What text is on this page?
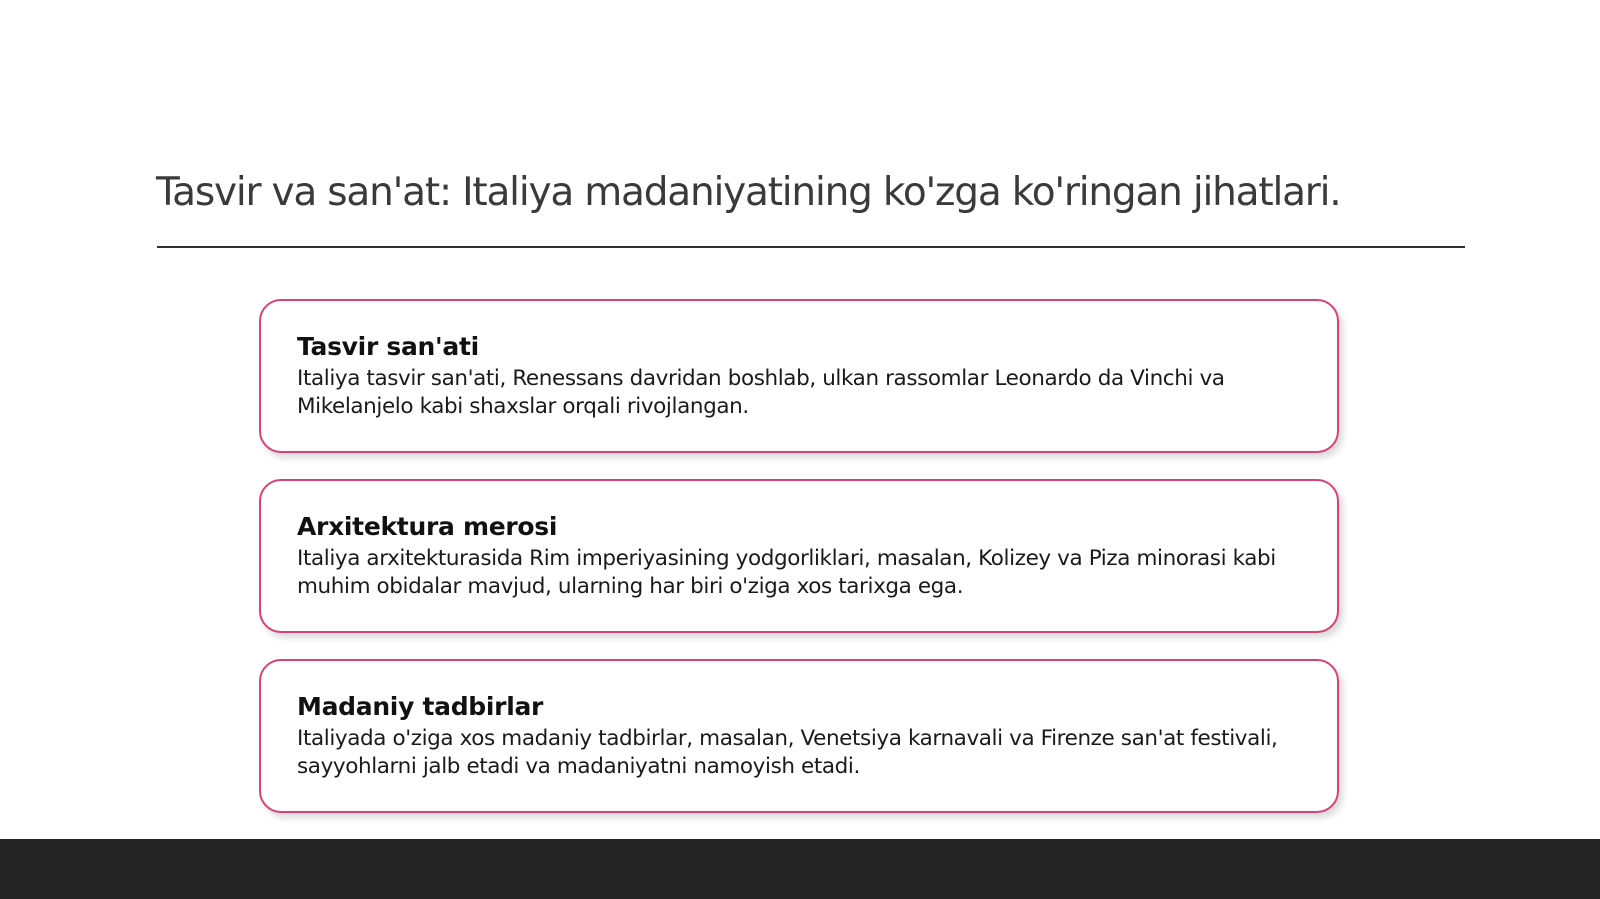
Tasvir va san'at: Italiya madaniyatining ko'zga ko'ringan jihatlari.
Tasvir san'ati

Italiya tasvir san'ati, Renessans davridan boshlab, ulkan rassomlar Leonardo da Vinchi va Mikelanjelo kabi shaxslar orqali rivojlangan.

Arxitektura merosi

Italiya arxitekturasida Rim imperiyasining yodgorliklari, masalan, Kolizey va Piza minorasi kabi muhim obidalar mavjud, ularning har biri o'ziga xos tarixga ega.

Madaniy tadbirlar

Italiyada o'ziga xos madaniy tadbirlar, masalan, Venetsiya karnavali va Firenze san'at festivali, sayyohlarni jalb etadi va madaniyatni namoyish etadi.
